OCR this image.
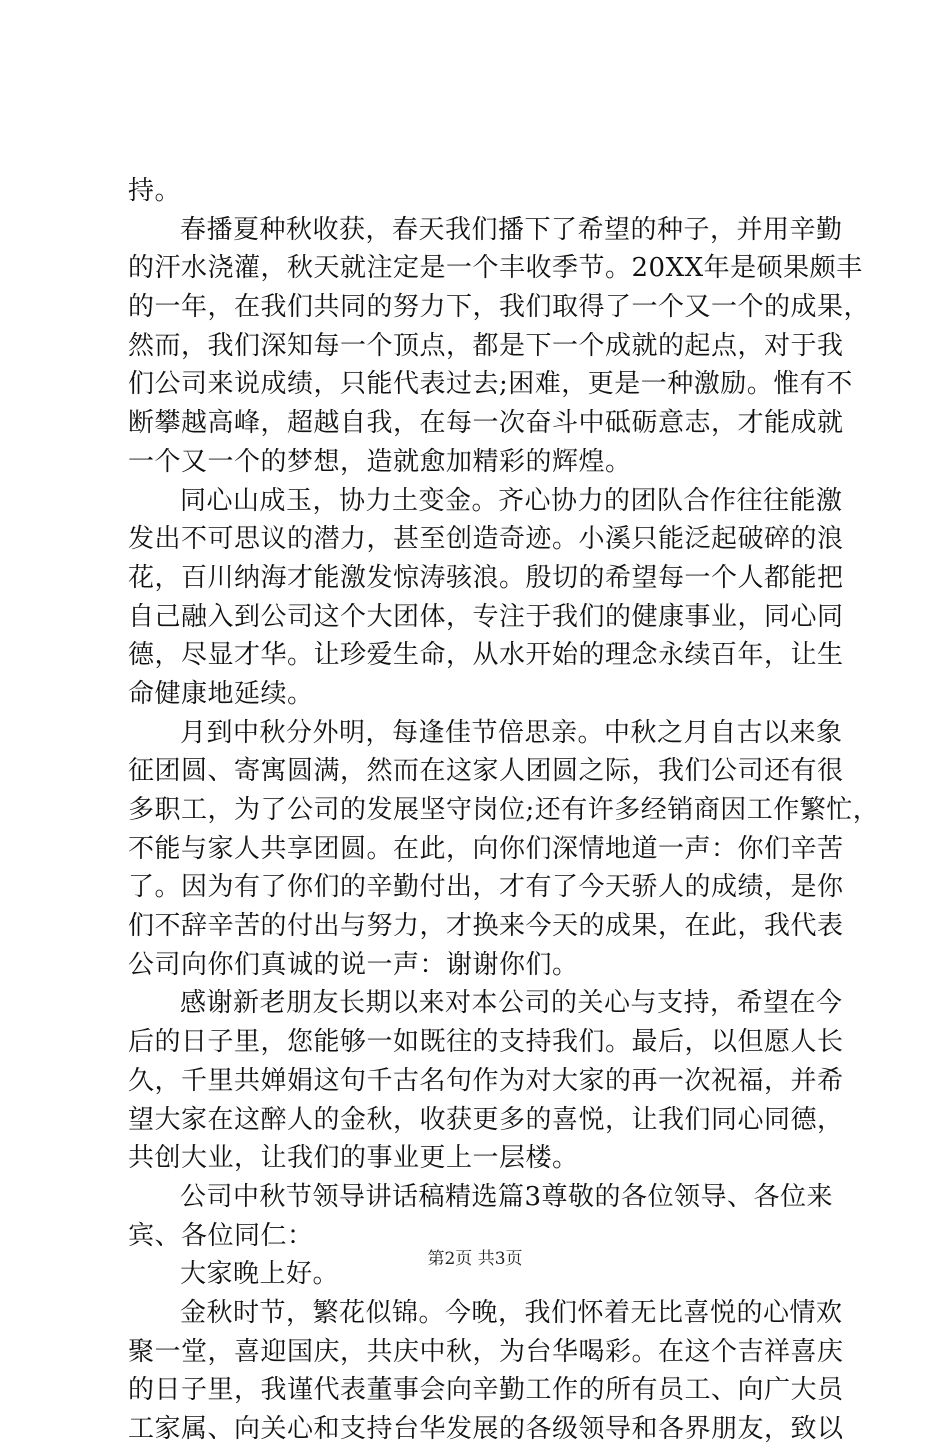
持。
春播夏种秋收获，春天我们播下了希望的种子，并用辛勤
的汗水浇灌，秋天就注定是一个丰收季节。20XX年是硕果颇丰
的一年，在我们共同的努力下，我们取得了一个又一个的成果，
然而，我们深知每一个顶点，都是下一个成就的起点，对于我
们公司来说成绩，只能代表过去;困难，更是一种激励。惟有不
断攀越高峰，超越自我，在每一次奋斗中砥砺意志，才能成就
一个又一个的梦想，造就愈加精彩的辉煌。
同心山成玉，协力土变金。齐心协力的团队合作往往能激
发出不可思议的潜力，甚至创造奇迹。小溪只能泛起破碎的浪
花，百川纳海才能激发惊涛骇浪。殷切的希望每一个人都能把
自己融入到公司这个大团体，专注于我们的健康事业，同心同
德，尽显才华。让珍爱生命，从水开始的理念永续百年，让生
命健康地延续。
月到中秋分外明，每逢佳节倍思亲。中秋之月自古以来象
征团圆、寄寓圆满，然而在这家人团圆之际，我们公司还有很
多职工，为了公司的发展坚守岗位;还有许多经销商因工作繁忙，
不能与家人共享团圆。在此，向你们深情地道一声：你们辛苦
了。因为有了你们的辛勤付出，才有了今天骄人的成绩，是你
们不辞辛苦的付出与努力，才换来今天的成果，在此，我代表
公司向你们真诚的说一声：谢谢你们。
感谢新老朋友长期以来对本公司的关心与支持，希望在今
后的日子里，您能够一如既往的支持我们。最后，以但愿人长
久，千里共婵娟这句千古名句作为对大家的再一次祝福，并希
望大家在这醉人的金秋，收获更多的喜悦，让我们同心同德，
共创大业，让我们的事业更上一层楼。
公司中秋节领导讲话稿精选篇3尊敬的各位领导、各位来
宾、各位同仁：
大家晚上好。
金秋时节，繁花似锦。今晚，我们怀着无比喜悦的心情欢
聚一堂，喜迎国庆，共庆中秋，为台华喝彩。在这个吉祥喜庆
的日子里，我谨代表董事会向辛勤工作的所有员工、向广大员
工家属、向关心和支持台华发展的各级领导和各界朋友，致以
第2页 共3页
